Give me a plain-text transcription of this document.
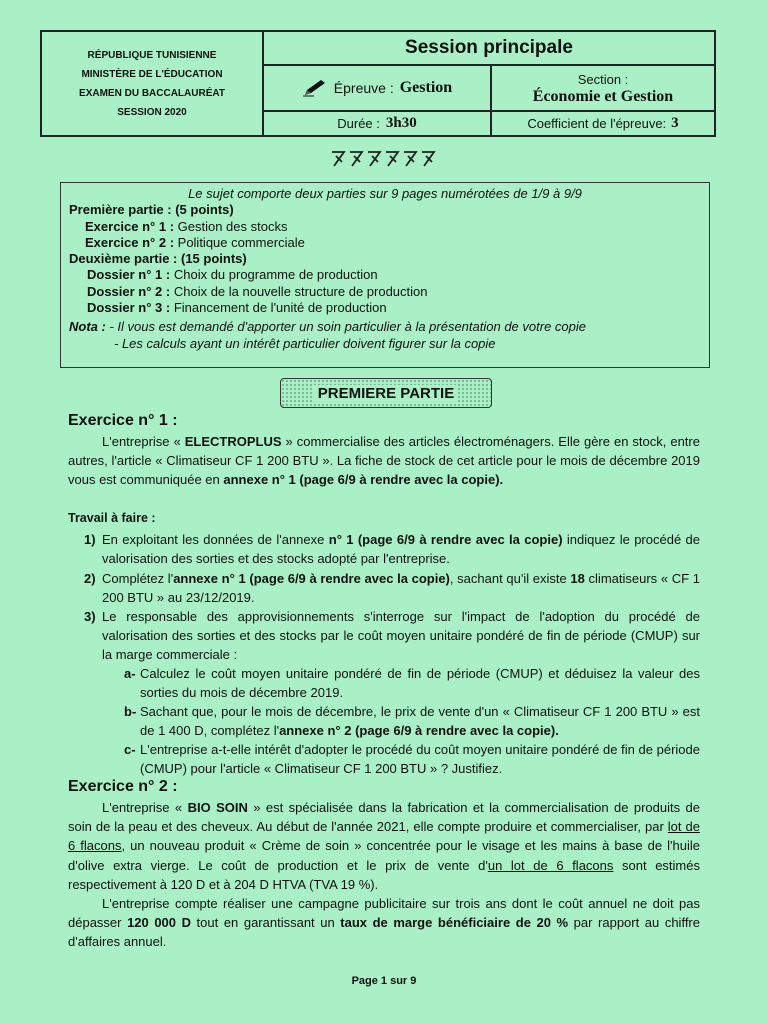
RÉPUBLIQUE TUNISIENNE
MINISTÈRE DE L'ÉDUCATION
EXAMEN DU BACCALAURÉAT
SESSION 2020
Session principale
Épreuve : Gestion	Section :
Économie et Gestion
Durée : 3h30	Coefficient de l'épreuve: 3
Le sujet comporte deux parties sur 9 pages numérotées de 1/9 à 9/9
Première partie : (5 points)
Exercice n° 1 : Gestion des stocks
Exercice n° 2 : Politique commerciale
Deuxième partie : (15 points)
Dossier n° 1 : Choix du programme de production
Dossier n° 2 : Choix de la nouvelle structure de production
Dossier n° 3 : Financement de l'unité de production
Nota : - Il vous est demandé d'apporter un soin particulier à la présentation de votre copie
- Les calculs ayant un intérêt particulier doivent figurer sur la copie
PREMIERE PARTIE
Exercice n° 1 :
L'entreprise « ELECTROPLUS » commercialise des articles électroménagers. Elle gère en stock, entre autres, l'article « Climatiseur CF 1 200 BTU ». La fiche de stock de cet article pour le mois de décembre 2019 vous est communiquée en annexe n° 1 (page 6/9 à rendre avec la copie).
Travail à faire :
1) En exploitant les données de l'annexe n° 1 (page 6/9 à rendre avec la copie) indiquez le procédé de valorisation des sorties et des stocks adopté par l'entreprise.
2) Complétez l'annexe n° 1 (page 6/9 à rendre avec la copie), sachant qu'il existe 18 climatiseurs « CF 1 200 BTU » au 23/12/2019.
3) Le responsable des approvisionnements s'interroge sur l'impact de l'adoption du procédé de valorisation des sorties et des stocks par le coût moyen unitaire pondéré de fin de période (CMUP) sur la marge commerciale :
a- Calculez le coût moyen unitaire pondéré de fin de période (CMUP) et déduisez la valeur des sorties du mois de décembre 2019.
b- Sachant que, pour le mois de décembre, le prix de vente d'un « Climatiseur CF 1 200 BTU » est de 1 400 D, complétez l'annexe n° 2 (page 6/9 à rendre avec la copie).
c- L'entreprise a-t-elle intérêt d'adopter le procédé du coût moyen unitaire pondéré de fin de période (CMUP) pour l'article « Climatiseur CF 1 200 BTU » ? Justifiez.
Exercice n° 2 :
L'entreprise « BIO SOIN » est spécialisée dans la fabrication et la commercialisation de produits de soin de la peau et des cheveux. Au début de l'année 2021, elle compte produire et commercialiser, par lot de 6 flacons, un nouveau produit « Crème de soin » concentrée pour le visage et les mains à base de l'huile d'olive extra vierge. Le coût de production et le prix de vente d'un lot de 6 flacons sont estimés respectivement à 120 D et à 204 D HTVA (TVA 19 %).
L'entreprise compte réaliser une campagne publicitaire sur trois ans dont le coût annuel ne doit pas dépasser 120 000 D tout en garantissant un taux de marge bénéficiaire de 20 % par rapport au chiffre d'affaires annuel.
Page 1 sur 9
